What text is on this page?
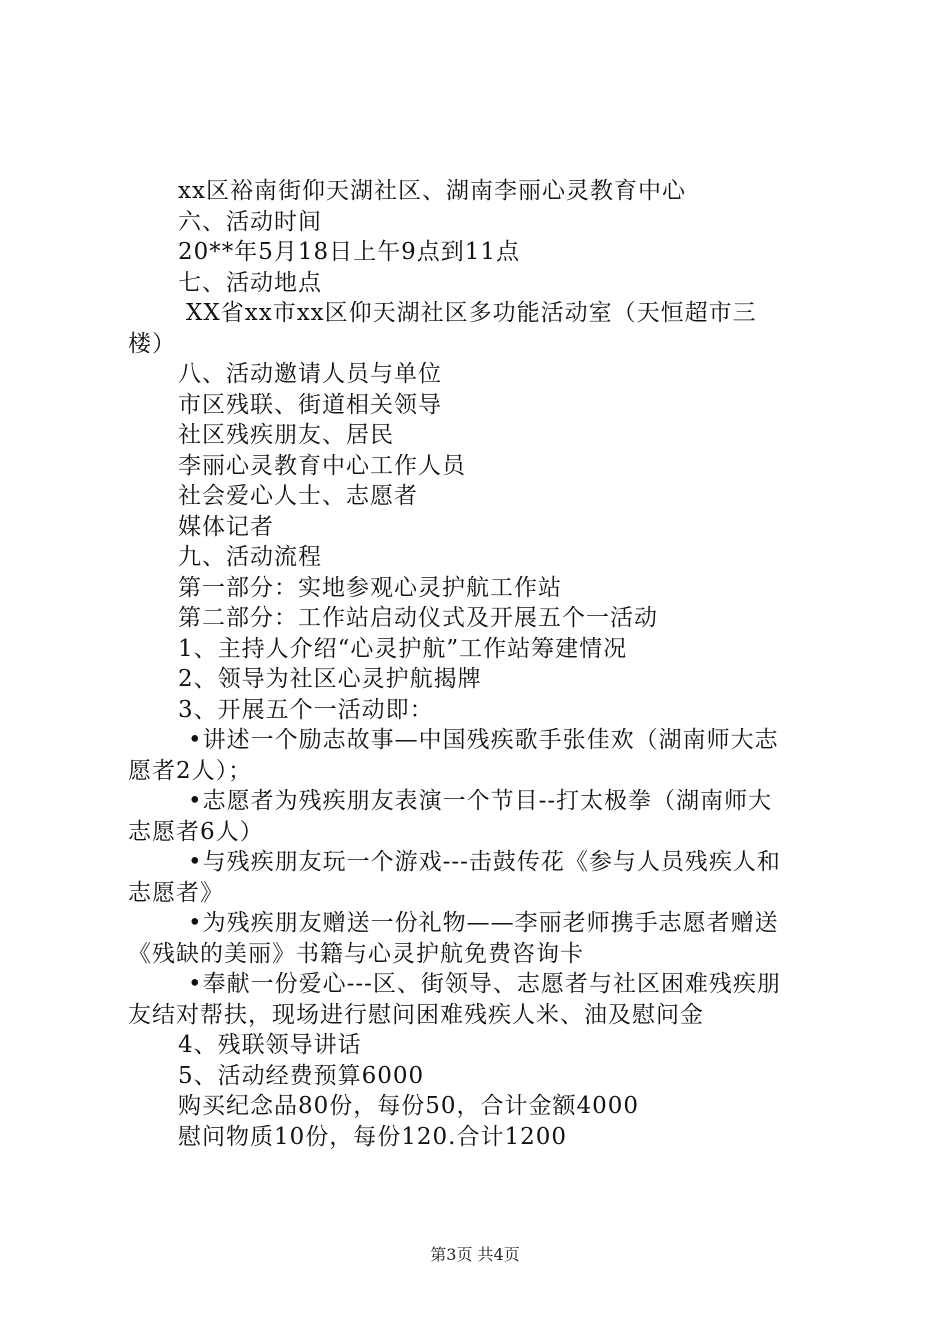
xx区裕南街仰天湖社区、湖南李丽心灵教育中心
六、活动时间
20**年5月18日上午9点到11点
七、活动地点
XX省xx市xx区仰天湖社区多功能活动室（天恒超市三
楼）
八、活动邀请人员与单位
市区残联、街道相关领导
社区残疾朋友、居民
李丽心灵教育中心工作人员
社会爱心人士、志愿者
媒体记者
九、活动流程
第一部分：实地参观心灵护航工作站
第二部分：工作站启动仪式及开展五个一活动
1、主持人介绍“心灵护航”工作站筹建情况
2、领导为社区心灵护航揭牌
3、开展五个一活动即：
•讲述一个励志故事—中国残疾歌手张佳欢（湖南师大志
愿者2人）；
•志愿者为残疾朋友表演一个节目--打太极拳（湖南师大
志愿者6人）
•与残疾朋友玩一个游戏---击鼓传花《参与人员残疾人和
志愿者》
•为残疾朋友赠送一份礼物——李丽老师携手志愿者赠送
《残缺的美丽》书籍与心灵护航免费咨询卡
•奉献一份爱心---区、街领导、志愿者与社区困难残疾朋
友结对帮扶，现场进行慰问困难残疾人米、油及慰问金
4、残联领导讲话
5、活动经费预算6000
购买纪念品80份，每份50，合计金额4000
慰问物质10份，每份120.合计1200
第3页 共4页
